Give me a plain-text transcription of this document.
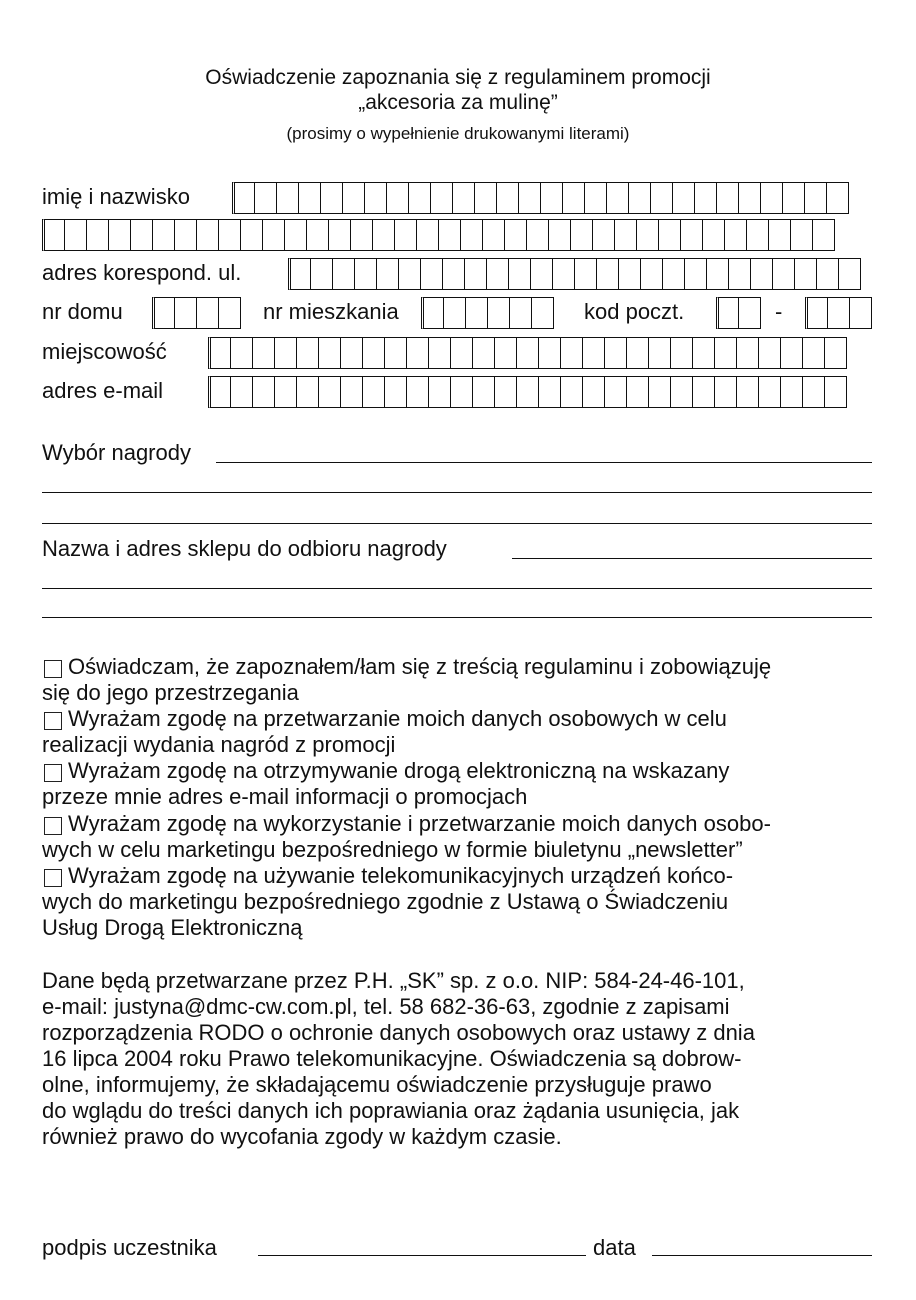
Oświadczenie zapoznania się z regulaminem promocji
„akcesoria za mulinę”
(prosimy o wypełnienie drukowanymi literami)
imię i nazwisko
adres korespond. ul.
nr domu	nr mieszkania	kod poczt.	-
miejscowość
adres e-mail
Wybór nagrody
Nazwa i adres sklepu do odbioru nagrody
Oświadczam, że zapoznałem/łam się z treścią regulaminu i zobowiązuję
się do jego przestrzegania
Wyrażam zgodę na przetwarzanie moich danych osobowych w celu
realizacji wydania nagród z promocji
Wyrażam zgodę na otrzymywanie drogą elektroniczną na wskazany
przeze mnie adres e-mail informacji o promocjach
Wyrażam zgodę na wykorzystanie i przetwarzanie moich danych osobo-
wych w celu marketingu bezpośredniego w formie biuletynu „newsletter”
Wyrażam zgodę na używanie telekomunikacyjnych urządzeń końco-
wych do marketingu bezpośredniego zgodnie z Ustawą o Świadczeniu
Usług Drogą Elektroniczną
Dane będą przetwarzane przez P.H. „SK” sp. z o.o. NIP: 584-24-46-101,
e-mail: justyna@dmc-cw.com.pl, tel. 58 682-36-63, zgodnie z zapisami
rozporządzenia RODO o ochronie danych osobowych oraz ustawy z dnia
16 lipca 2004 roku Prawo telekomunikacyjne. Oświadczenia są dobrow-
olne, informujemy, że składającemu oświadczenie przysługuje prawo
do wglądu do treści danych ich poprawiania oraz żądania usunięcia, jak
również prawo do wycofania zgody w każdym czasie.
podpis uczestnika	data
